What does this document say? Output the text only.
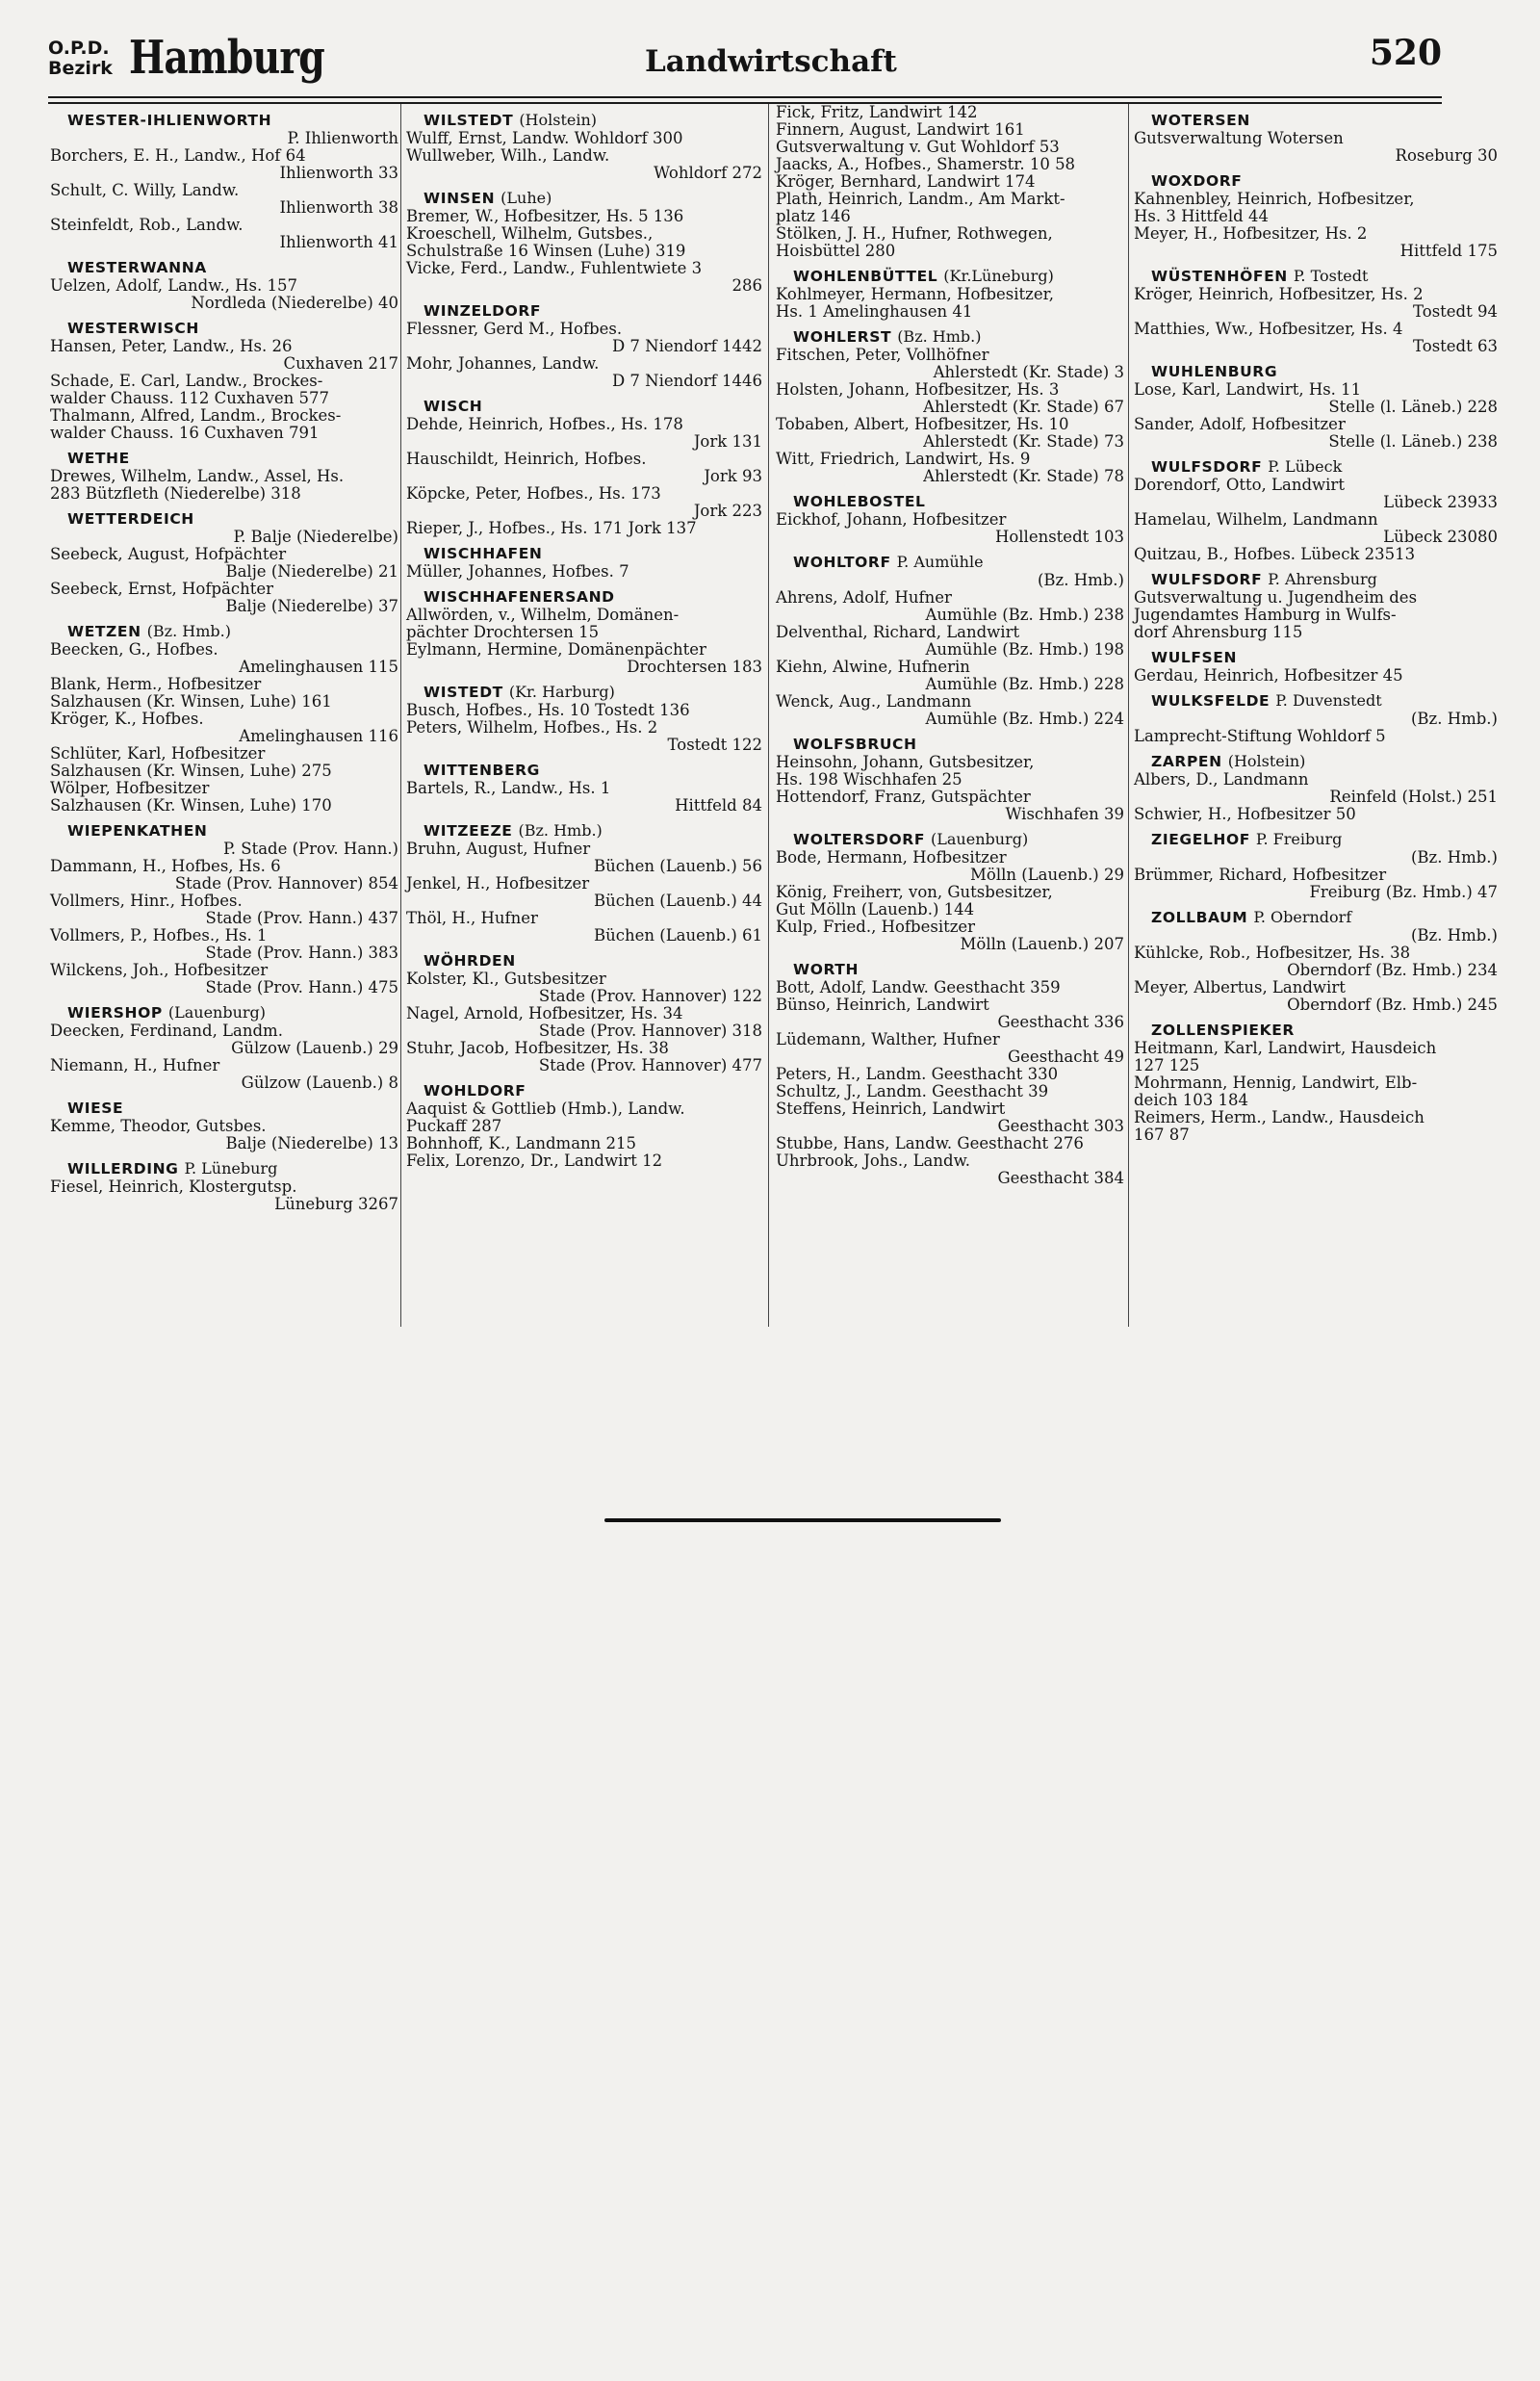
O.P.D.
Bezirk Hamburg	Landwirtschaft	520
WESTER-IHLIENWORTH
P. Ihlienworth
Borchers, E. H., Landw., Hof 64
Ihlienworth 33
Schult, C. Willy, Landw.
Ihlienworth 38
Steinfeldt, Rob., Landw.
Ihlienworth 41
WESTERWANNA
Uelzen, Adolf, Landw., Hs. 157
Nordleda (Niederelbe) 40
WESTERWISCH
Hansen, Peter, Landw., Hs. 26
Cuxhaven 217
Schade, E. Carl, Landw., Brockes-
walder Chauss. 112 Cuxhaven 577
Thalmann, Alfred, Landm., Brockes-
walder Chauss. 16 Cuxhaven 791
WETHE
Drewes, Wilhelm, Landw., Assel, Hs.
283 Bützfleth (Niederelbe) 318
WETTERDEICH
P. Balje (Niederelbe)
Seebeck, August, Hofpächter
Balje (Niederelbe) 21
Seebeck, Ernst, Hofpächter
Balje (Niederelbe) 37
WETZEN (Bz. Hmb.)
Beecken, G., Hofbes.
Amelinghausen 115
Blank, Herm., Hofbesitzer
Salzhausen (Kr. Winsen, Luhe) 161
Kröger, K., Hofbes.
Amelinghausen 116
Schlüter, Karl, Hofbesitzer
Salzhausen (Kr. Winsen, Luhe) 275
Wölper, Hofbesitzer
Salzhausen (Kr. Winsen, Luhe) 170
WIEPENKATHEN
P. Stade (Prov. Hann.)
Dammann, H., Hofbes, Hs. 6
Stade (Prov. Hannover) 854
Vollmers, Hinr., Hofbes.
Stade (Prov. Hann.) 437
Vollmers, P., Hofbes., Hs. 1
Stade (Prov. Hann.) 383
Wilckens, Joh., Hofbesitzer
Stade (Prov. Hann.) 475
WIERSHOP (Lauenburg)
Deecken, Ferdinand, Landm.
Gülzow (Lauenb.) 29
Niemann, H., Hufner
Gülzow (Lauenb.) 8
WIESE
Kemme, Theodor, Gutsbes.
Balje (Niederelbe) 13
WILLERDING P. Lüneburg
Fiesel, Heinrich, Klostergutsp.
Lüneburg 3267
WILSTEDT (Holstein)
Wulff, Ernst, Landw. Wohldorf 300
Wullweber, Wilh., Landw.
Wohldorf 272
WINSEN (Luhe)
Bremer, W., Hofbesitzer, Hs. 5 136
Kroeschell, Wilhelm, Gutsbes.,
Schulstraße 16 Winsen (Luhe) 319
Vicke, Ferd., Landw., Fuhlentwiete 3
286
WINZELDORF
Flessner, Gerd M., Hofbes.
D 7 Niendorf 1442
Mohr, Johannes, Landw.
D 7 Niendorf 1446
WISCH
Dehde, Heinrich, Hofbes., Hs. 178
Jork 131
Hauschildt, Heinrich, Hofbes.
Jork 93
Köpcke, Peter, Hofbes., Hs. 173
Jork 223
Rieper, J., Hofbes., Hs. 171 Jork 137
WISCHHAFEN
Müller, Johannes, Hofbes. 7
WISCHHAFENERSAND
Allwörden, v., Wilhelm, Domänen-
pächter Drochtersen 15
Eylmann, Hermine, Domänenpächter
Drochtersen 183
WISTEDT (Kr. Harburg)
Busch, Hofbes., Hs. 10 Tostedt 136
Peters, Wilhelm, Hofbes., Hs. 2
Tostedt 122
WITTENBERG
Bartels, R., Landw., Hs. 1
Hittfeld 84
WITZEEZE (Bz. Hmb.)
Bruhn, August, Hufner
Büchen (Lauenb.) 56
Jenkel, H., Hofbesitzer
Büchen (Lauenb.) 44
Thöl, H., Hufner
Büchen (Lauenb.) 61
WÖHRDEN
Kolster, Kl., Gutsbesitzer
Stade (Prov. Hannover) 122
Nagel, Arnold, Hofbesitzer, Hs. 34
Stade (Prov. Hannover) 318
Stuhr, Jacob, Hofbesitzer, Hs. 38
Stade (Prov. Hannover) 477
WOHLDORF
Aaquist & Gottlieb (Hmb.), Landw.
Puckaff 287
Bohnhoff, K., Landmann 215
Felix, Lorenzo, Dr., Landwirt 12
Fick, Fritz, Landwirt 142
Finnern, August, Landwirt 161
Gutsverwaltung v. Gut Wohldorf 53
Jaacks, A., Hofbes., Shamerstr. 10 58
Kröger, Bernhard, Landwirt 174
Plath, Heinrich, Landm., Am Markt-
platz 146
Stölken, J. H., Hufner, Rothwegen,
Hoisbüttel 280
WOHLENBÜTTEL (Kr.Lüneburg)
Kohlmeyer, Hermann, Hofbesitzer,
Hs. 1 Amelinghausen 41
WOHLERST (Bz. Hmb.)
Fitschen, Peter, Vollhöfner
Ahlerstedt (Kr. Stade) 3
Holsten, Johann, Hofbesitzer, Hs. 3
Ahlerstedt (Kr. Stade) 67
Tobaben, Albert, Hofbesitzer, Hs. 10
Ahlerstedt (Kr. Stade) 73
Witt, Friedrich, Landwirt, Hs. 9
Ahlerstedt (Kr. Stade) 78
WOHLEBOSTEL
Eickhof, Johann, Hofbesitzer
Hollenstedt 103
WOHLTORF P. Aumühle
(Bz. Hmb.)
Ahrens, Adolf, Hufner
Aumühle (Bz. Hmb.) 238
Delventhal, Richard, Landwirt
Aumühle (Bz. Hmb.) 198
Kiehn, Alwine, Hufnerin
Aumühle (Bz. Hmb.) 228
Wenck, Aug., Landmann
Aumühle (Bz. Hmb.) 224
WOLFSBRUCH
Heinsohn, Johann, Gutsbesitzer,
Hs. 198 Wischhafen 25
Hottendorf, Franz, Gutspächter
Wischhafen 39
WOLTERSDORF (Lauenburg)
Bode, Hermann, Hofbesitzer
Mölln (Lauenb.) 29
König, Freiherr, von, Gutsbesitzer,
Gut Mölln (Lauenb.) 144
Kulp, Fried., Hofbesitzer
Mölln (Lauenb.) 207
WORTH
Bott, Adolf, Landw. Geesthacht 359
Bünso, Heinrich, Landwirt
Geesthacht 336
Lüdemann, Walther, Hufner
Geesthacht 49
Peters, H., Landm. Geesthacht 330
Schultz, J., Landm. Geesthacht 39
Steffens, Heinrich, Landwirt
Geesthacht 303
Stubbe, Hans, Landw. Geesthacht 276
Uhrbrook, Johs., Landw.
Geesthacht 384
WOTERSEN
Gutsverwaltung Wotersen
Roseburg 30
WOXDORF
Kahnenbley, Heinrich, Hofbesitzer,
Hs. 3 Hittfeld 44
Meyer, H., Hofbesitzer, Hs. 2
Hittfeld 175
WÜSTENHÖFEN P. Tostedt
Kröger, Heinrich, Hofbesitzer, Hs. 2
Tostedt 94
Matthies, Ww., Hofbesitzer, Hs. 4
Tostedt 63
WUHLENBURG
Lose, Karl, Landwirt, Hs. 11
Stelle (l. Läneb.) 228
Sander, Adolf, Hofbesitzer
Stelle (l. Läneb.) 238
WULFSDORF P. Lübeck
Dorendorf, Otto, Landwirt
Lübeck 23933
Hamelau, Wilhelm, Landmann
Lübeck 23080
Quitzau, B., Hofbes. Lübeck 23513
WULFSDORF P. Ahrensburg
Gutsverwaltung u. Jugendheim des
Jugendamtes Hamburg in Wulfs-
dorf Ahrensburg 115
WULFSEN
Gerdau, Heinrich, Hofbesitzer 45
WULKSFELDE P. Duvenstedt
(Bz. Hmb.)
Lamprecht-Stiftung Wohldorf 5
ZARPEN (Holstein)
Albers, D., Landmann
Reinfeld (Holst.) 251
Schwier, H., Hofbesitzer 50
ZIEGELHOF P. Freiburg
(Bz. Hmb.)
Brümmer, Richard, Hofbesitzer
Freiburg (Bz. Hmb.) 47
ZOLLBAUM P. Oberndorf
(Bz. Hmb.)
Kühlcke, Rob., Hofbesitzer, Hs. 38
Oberndorf (Bz. Hmb.) 234
Meyer, Albertus, Landwirt
Oberndorf (Bz. Hmb.) 245
ZOLLENSPIEKER
Heitmann, Karl, Landwirt, Hausdeich
127 125
Mohrmann, Hennig, Landwirt, Elb-
deich 103 184
Reimers, Herm., Landw., Hausdeich
167 87
